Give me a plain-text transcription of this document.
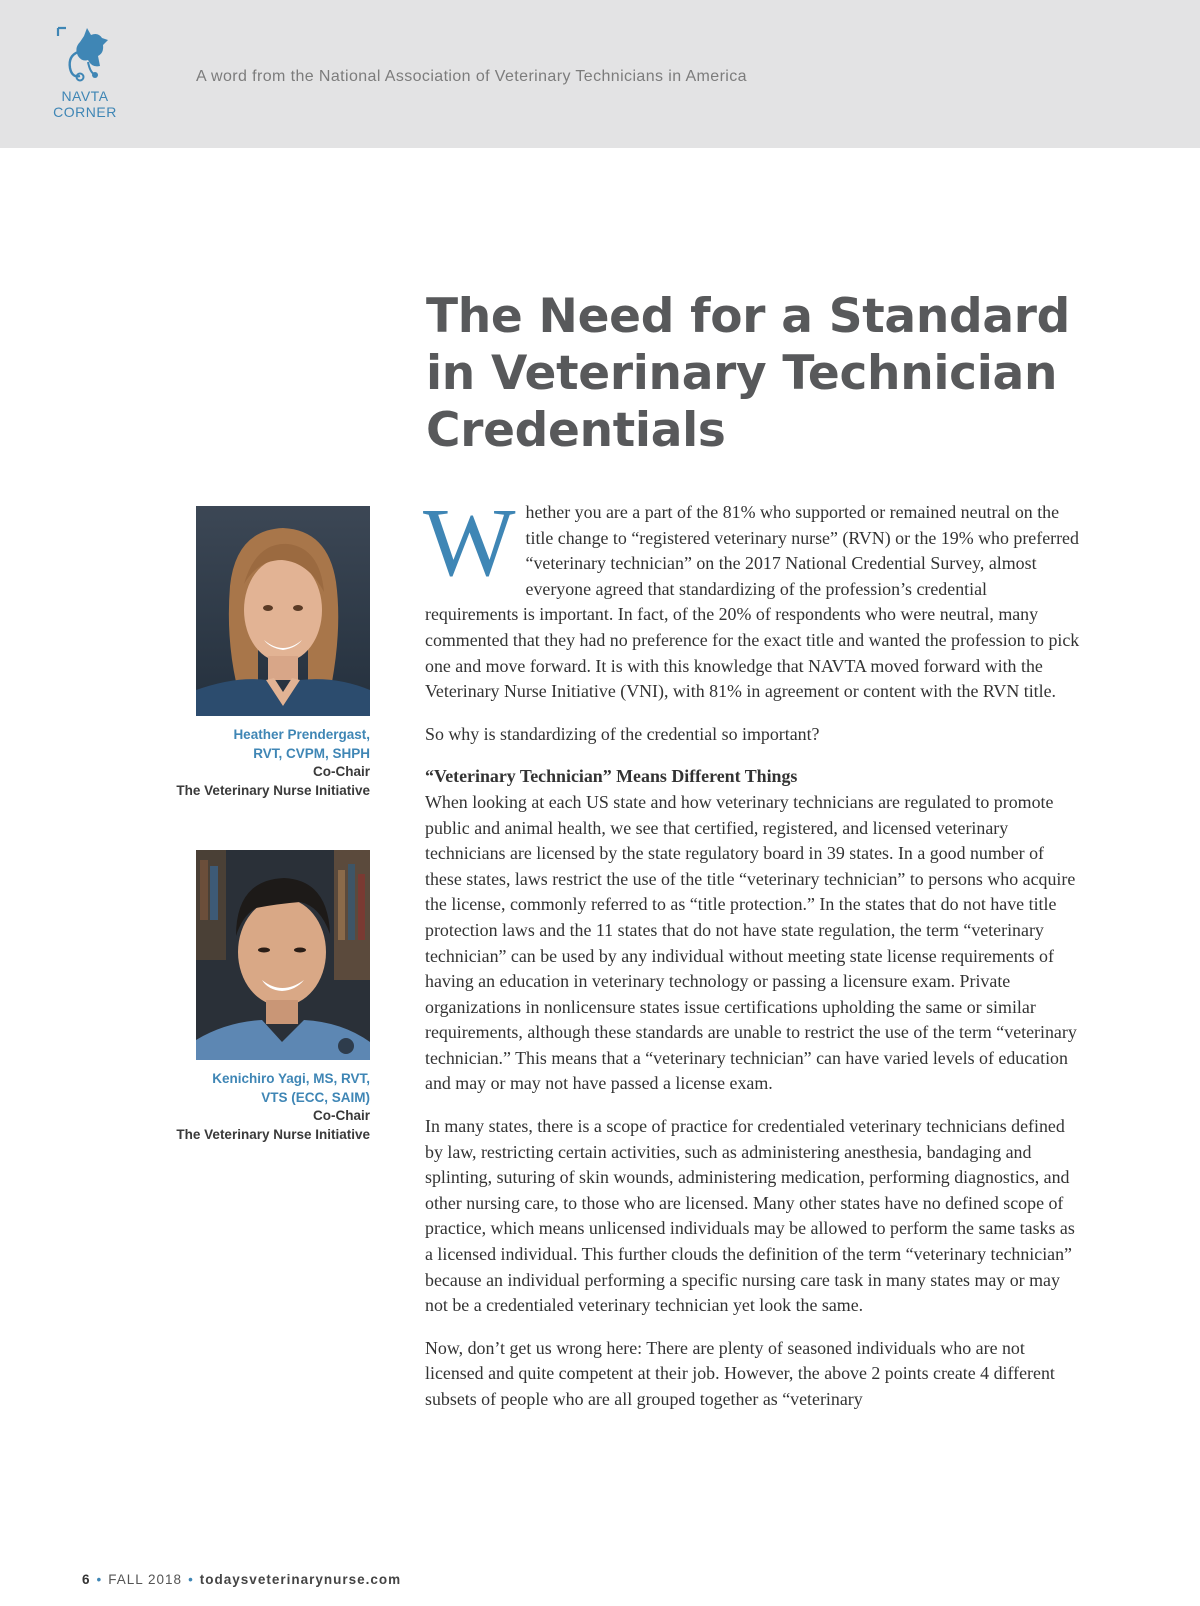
NAVTA
CORNER
A word from the National Association of Veterinary Technicians in America
The Need for a Standard in Veterinary Technician Credentials
Heather Prendergast,
RVT, CVPM, SHPH
Co-Chair
The Veterinary Nurse Initiative
Kenichiro Yagi, MS, RVT,
VTS (ECC, SAIM)
Co-Chair
The Veterinary Nurse Initiative

Whether you are a part of the 81% who supported or remained neutral on the title change to “registered veterinary nurse” (RVN) or the 19% who preferred “veterinary technician” on the 2017 National Credential Survey, almost everyone agreed that standardizing of the profession’s credential requirements is important. In fact, of the 20% of respondents who were neutral, many commented that they had no preference for the exact title and wanted the profession to pick one and move forward. It is with this knowledge that NAVTA moved forward with the Veterinary Nurse Initiative (VNI), with 81% in agreement or content with the RVN title.

So why is standardizing of the credential so important?

“Veterinary Technician” Means Different Things
When looking at each US state and how veterinary technicians are regulated to promote public and animal health, we see that certified, registered, and licensed veterinary technicians are licensed by the state regulatory board in 39 states. In a good number of these states, laws restrict the use of the title “veterinary technician” to persons who acquire the license, commonly referred to as “title protection.” In the states that do not have title protection laws and the 11 states that do not have state regulation, the term “veterinary technician” can be used by any individual without meeting state license requirements of having an education in veterinary technology or passing a licensure exam. Private organizations in nonlicensure states issue certifications upholding the same or similar requirements, although these standards are unable to restrict the use of the term “veterinary technician.” This means that a “veterinary technician” can have varied levels of education and may or may not have passed a license exam.

In many states, there is a scope of practice for credentialed veterinary technicians defined by law, restricting certain activities, such as administering anesthesia, bandaging and splinting, suturing of skin wounds, administering medication, performing diagnostics, and other nursing care, to those who are licensed. Many other states have no defined scope of practice, which means unlicensed individuals may be allowed to perform the same tasks as a licensed individual. This further clouds the definition of the term “veterinary technician” because an individual performing a specific nursing care task in many states may or may not be a credentialed veterinary technician yet look the same.

Now, don’t get us wrong here: There are plenty of seasoned individuals who are not licensed and quite competent at their job. However, the above 2 points create 4 different subsets of people who are all grouped together as “veterinary

6 • FALL 2018 • todaysveterinarynurse.com
